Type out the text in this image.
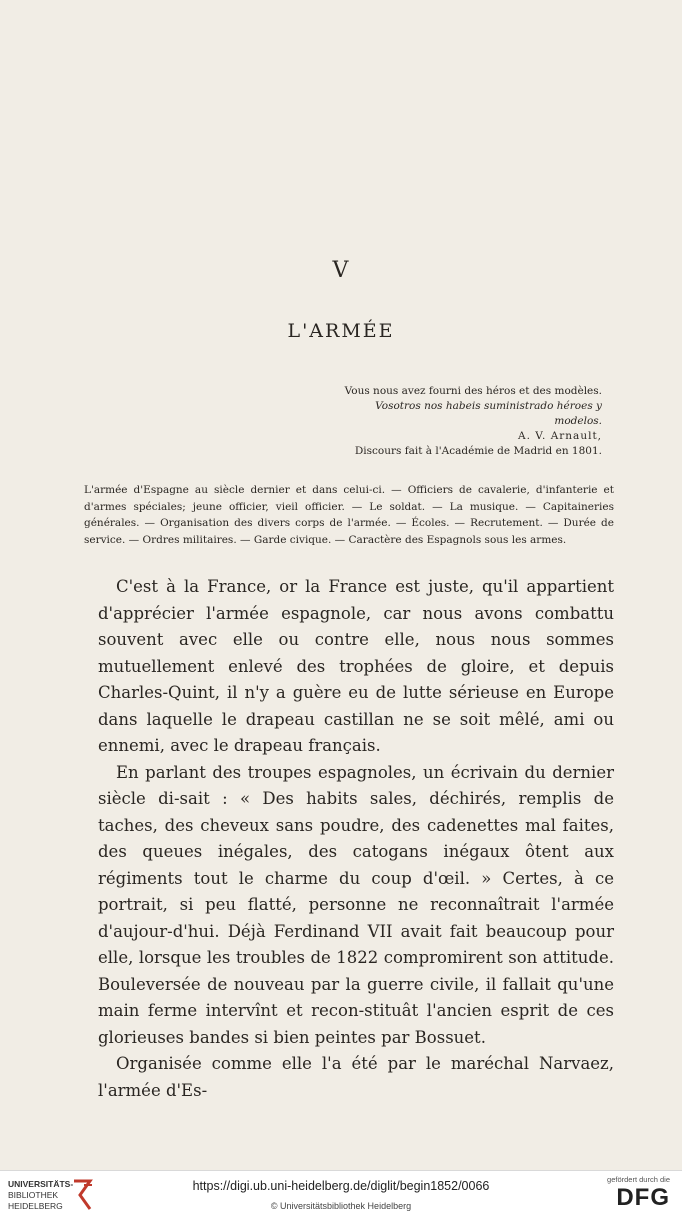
V
L'ARMÉE
Vous nous avez fourni des héros et des modèles.
Vosotros nos habeis suministrado héroes y modelos.
A. V. Arnault,
Discours fait à l'Académie de Madrid en 1801.

L'armée d'Espagne au siècle dernier et dans celui-ci. — Officiers de cavalerie, d'infanterie et d'armes spéciales; jeune officier, vieil officier. — Le soldat. — La musique. — Capitaineries générales. — Organisation des divers corps de l'armée. — Écoles. — Recrutement. — Durée de service. — Ordres militaires. — Garde civique. — Caractère des Espagnols sous les armes.

C'est à la France, or la France est juste, qu'il appartient d'apprécier l'armée espagnole, car nous avons combattu souvent avec elle ou contre elle, nous nous sommes mutuellement enlevé des trophées de gloire, et depuis Charles-Quint, il n'y a guère eu de lutte sérieuse en Europe dans laquelle le drapeau castillan ne se soit mêlé, ami ou ennemi, avec le drapeau français.

En parlant des troupes espagnoles, un écrivain du dernier siècle di-sait : « Des habits sales, déchirés, remplis de taches, des cheveux sans poudre, des cadenettes mal faites, des queues inégales, des catogans inégaux ôtent aux régiments tout le charme du coup d'œil. » Certes, à ce portrait, si peu flatté, personne ne reconnaîtrait l'armée d'aujour-d'hui. Déjà Ferdinand VII avait fait beaucoup pour elle, lorsque les troubles de 1822 compromirent son attitude. Bouleversée de nouveau par la guerre civile, il fallait qu'une main ferme intervînt et recon-stituât l'ancien esprit de ces glorieuses bandes si bien peintes par Bossuet.

Organisée comme elle l'a été par le maréchal Narvaez, l'armée d'Es-

UNIVERSITÄTS-
BIBLIOTHEK
HEIDELBERG
https://digi.ub.uni-heidelberg.de/diglit/begin1852/0066
© Universitätsbibliothek Heidelberg
gefördert durch die
DFG
